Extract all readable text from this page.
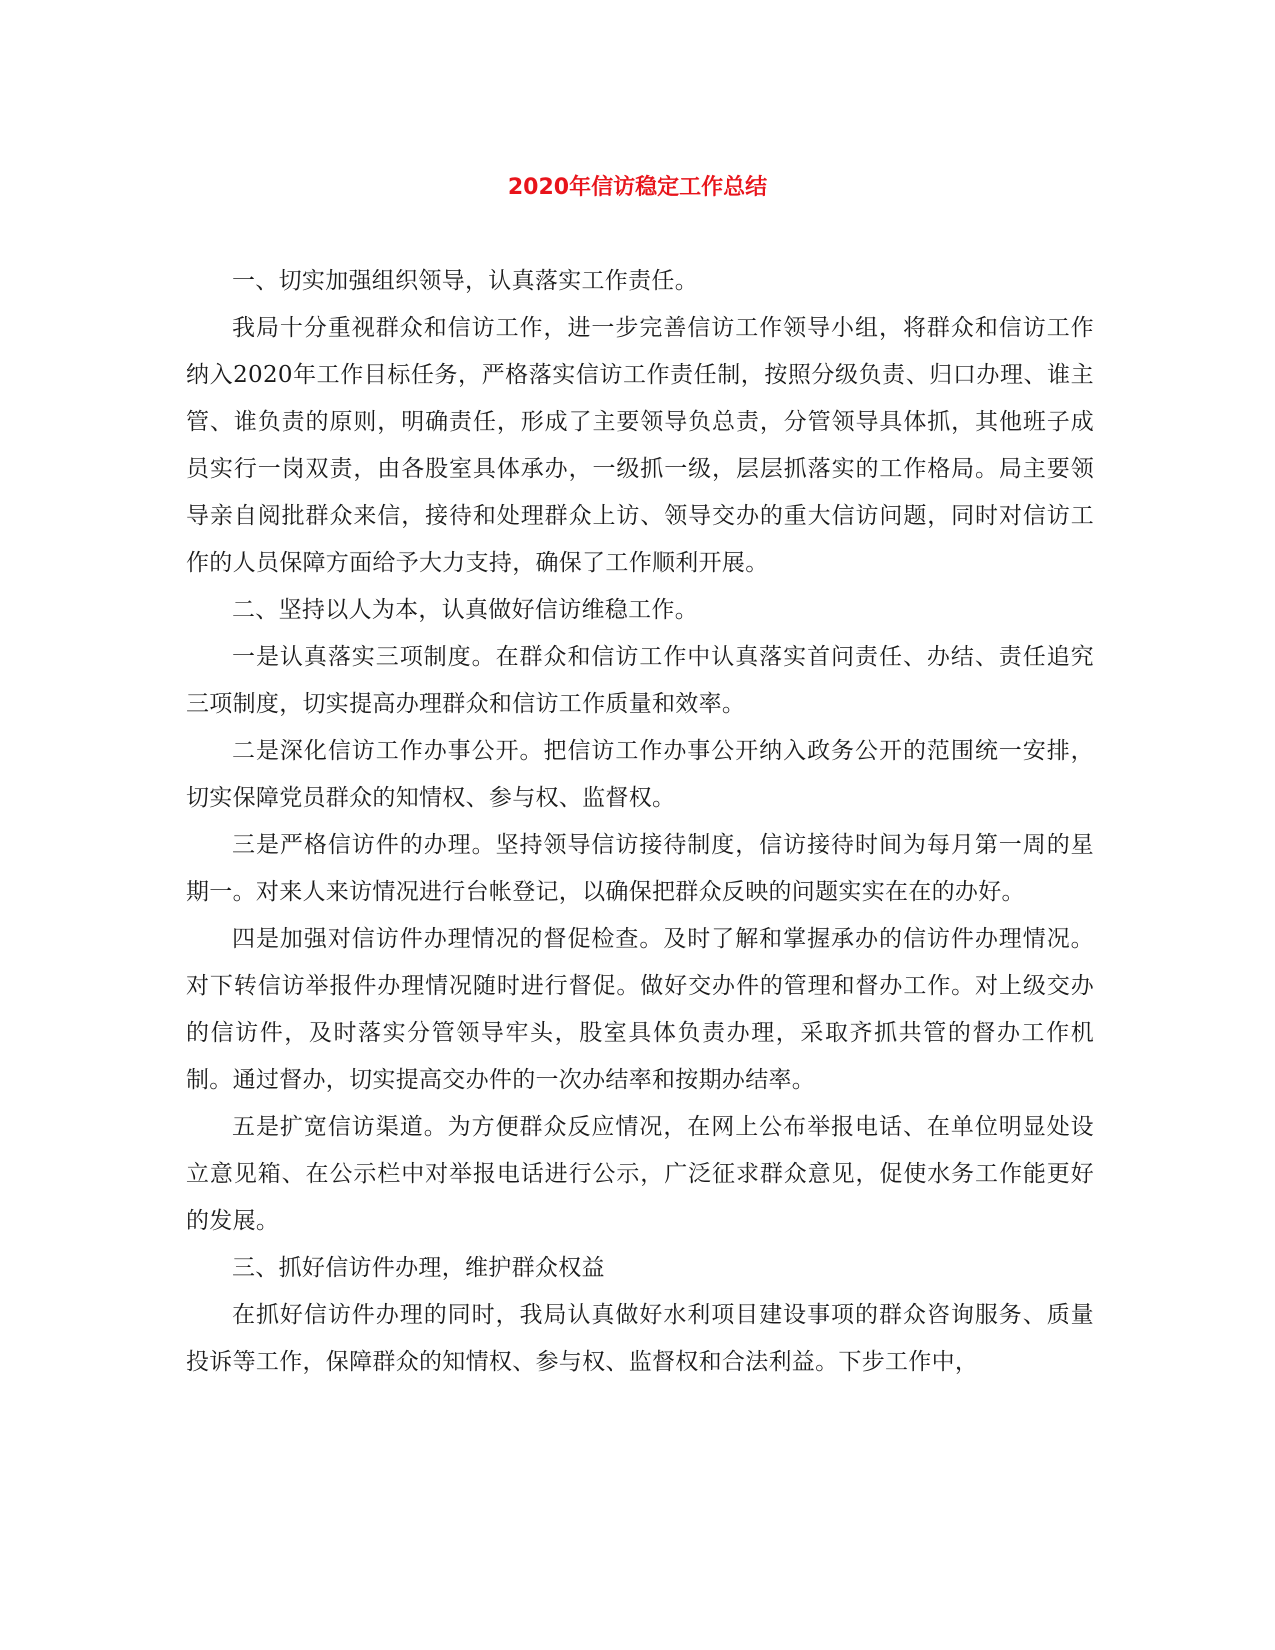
2020年信访稳定工作总结

一、切实加强组织领导，认真落实工作责任。

我局十分重视群众和信访工作，进一步完善信访工作领导小组，将群众和信访工作纳入2020年工作目标任务，严格落实信访工作责任制，按照分级负责、归口办理、谁主管、谁负责的原则，明确责任，形成了主要领导负总责，分管领导具体抓，其他班子成员实行一岗双责，由各股室具体承办，一级抓一级，层层抓落实的工作格局。局主要领导亲自阅批群众来信，接待和处理群众上访、领导交办的重大信访问题，同时对信访工作的人员保障方面给予大力支持，确保了工作顺利开展。

二、坚持以人为本，认真做好信访维稳工作。

一是认真落实三项制度。在群众和信访工作中认真落实首问责任、办结、责任追究三项制度，切实提高办理群众和信访工作质量和效率。

二是深化信访工作办事公开。把信访工作办事公开纳入政务公开的范围统一安排，切实保障党员群众的知情权、参与权、监督权。

三是严格信访件的办理。坚持领导信访接待制度，信访接待时间为每月第一周的星期一。对来人来访情况进行台帐登记，以确保把群众反映的问题实实在在的办好。

四是加强对信访件办理情况的督促检查。及时了解和掌握承办的信访件办理情况。对下转信访举报件办理情况随时进行督促。做好交办件的管理和督办工作。对上级交办的信访件，及时落实分管领导牢头，股室具体负责办理，采取齐抓共管的督办工作机制。通过督办，切实提高交办件的一次办结率和按期办结率。

五是扩宽信访渠道。为方便群众反应情况，在网上公布举报电话、在单位明显处设立意见箱、在公示栏中对举报电话进行公示，广泛征求群众意见，促使水务工作能更好的发展。

三、抓好信访件办理，维护群众权益

在抓好信访件办理的同时，我局认真做好水利项目建设事项的群众咨询服务、质量投诉等工作，保障群众的知情权、参与权、监督权和合法利益。下步工作中，
